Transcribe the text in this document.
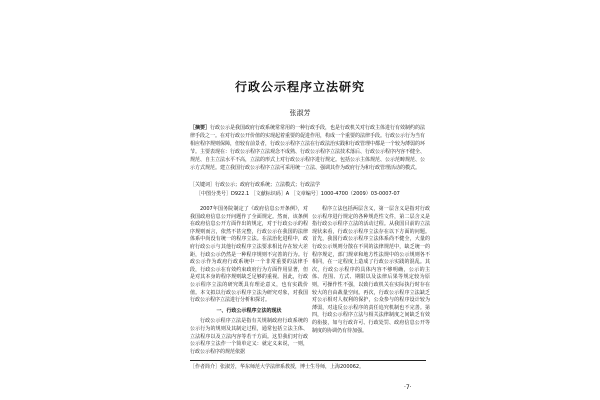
行政公示程序立法研究
张淑芳
［摘要］行政公示是我国政府行政系统常常用的一种行政手段，也是行政机关对行政主体进行有效制约的法律手段之一。在对行政公开价值的实现起着重要的促进作用，构成一个重要的法律手段。行政公示行为当有相应程序规则保障，但较有前景者，行政公示程序立法在行政法治实践和行政管理中都是一个较为薄弱的环节。主要表现在：行政公示程序立法观念不成熟、行政公示程序立法技术落后、行政公示程序内容不健全、规范、自主立法水平不高，立法的形式上对行政公示程序进行规定。包括公示主体规范、公示范畴规范、公示方式规范。建立我国行政公示程序立法可采用统一立法、强调其作为政府行为和行政管理活动的模式。
［关键词］行政公示；政府行政系统；立法模式；行政法学
［中图分类号］D922.1 ［文献标识码］A ［文章编号］1000-4700（2009）03-0007-07

2007年国务院制定了《政府信息公开条例》，对我国政府信息公开问题作了全面规定。然而，该条例在政府信息公开方面作出的规定，对于行政公示的程序规则而言，依然不甚完整，行政公示在我国的法律体系中尚没有统一的程序立法。在法治化进程中，政府行政公示与其他行政程序立法要求相比存在较大差距，行政公示仍然是一种程序规则不完善的行为。行政公示作为政府行政系统中一个非常重要的法律手段，行政公示在有效约束政府行为方面作用显著，但是对其本身的程序规则缺乏足够的重视。因此，行政公示程序立法的研究既具有理论意义，也有实践价值。本文拟以行政公示程序立法为研究对象，对我国行政公示程序立法进行分析和探讨。

一、行政公示程序立法的现状

行政公示程序立法是指有关规制政府行政系统的公示行为的规则及其制定过程，通常包括立法主体、立法程序以及立法内容等若干方面。这里我们对行政公示程序立法作一个简单定义：就定义来说，一则，行政公示程序的规范依据

程序立法包括两层含义，第一层含义是指对行政公示程序进行规定的各种规范性文件，第二层含义是指行政公示程序立法的活动过程。从我国目前的立法现状来看，行政公示程序立法存在以下方面的问题。首先，我国行政公示程序立法体系尚不健全，大量的行政公示规则分散在不同的法律规范中，缺乏统一的程序规定，部门规章和地方性法规中的公示规则各不相同，在一定程度上造成了行政公示实践的混乱。其次，行政公示程序的具体内容不够明确，公示的主体、范围、方式、期限以及法律后果等规定较为原则，可操作性不强，以致行政机关在实际执行时存在较大的自由裁量空间。再次，行政公示程序立法缺乏对公示相对人权利的保护，公众参与的程序设计较为薄弱，对违反公示程序的责任追究机制也不完善。第四，行政公示程序立法与相关法律制度之间缺乏有效的衔接，如与行政许可、行政处罚、政府信息公开等制度的协调仍有待加强。

［作者简介］张淑芳，华东师范大学法律系教授，博士生导师，上海200062。
·7·
